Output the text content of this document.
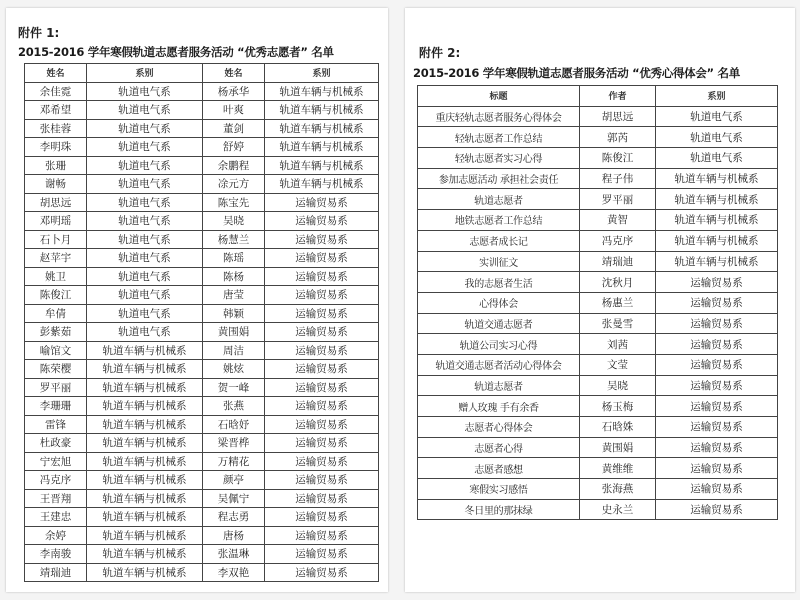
附件 1:
2015-2016 学年寒假轨道志愿者服务活动 “优秀志愿者” 名单
姓名	系别	姓名	系别
余佳霓	轨道电气系	杨承华	轨道车辆与机械系
邓希望	轨道电气系	叶爽	轨道车辆与机械系
张桂蓉	轨道电气系	董剑	轨道车辆与机械系
李明珠	轨道电气系	舒婷	轨道车辆与机械系
张珊	轨道电气系	余鹏程	轨道车辆与机械系
谢畅	轨道电气系	凃元方	轨道车辆与机械系
胡思远	轨道电气系	陈宝先	运输贸易系
邓明瑶	轨道电气系	吴晓	运输贸易系
石卜月	轨道电气系	杨慧兰	运输贸易系
赵苹宇	轨道电气系	陈瑶	运输贸易系
姚卫	轨道电气系	陈杨	运输贸易系
陈俊江	轨道电气系	唐莹	运输贸易系
牟倩	轨道电气系	韩颖	运输贸易系
彭紫茹	轨道电气系	黄围娟	运输贸易系
喻馆文	轨道车辆与机械系	周洁	运输贸易系
陈荣樱	轨道车辆与机械系	姚炫	运输贸易系
罗平丽	轨道车辆与机械系	贺一峰	运输贸易系
李珊珊	轨道车辆与机械系	张燕	运输贸易系
雷锋	轨道车辆与机械系	石晗妤	运输贸易系
杜政豪	轨道车辆与机械系	梁晋桦	运输贸易系
宁宏旭	轨道车辆与机械系	万精花	运输贸易系
冯克序	轨道车辆与机械系	颜亭	运输贸易系
王晋翔	轨道车辆与机械系	吴佩宁	运输贸易系
王建忠	轨道车辆与机械系	程志勇	运输贸易系
余婷	轨道车辆与机械系	唐杨	运输贸易系
李南骏	轨道车辆与机械系	张温琳	运输贸易系
靖瑞迪	轨道车辆与机械系	李双艳	运输贸易系
附件 2:
2015-2016 学年寒假轨道志愿者服务活动 “优秀心得体会” 名单
标题	作者	系别
重庆轻轨志愿者服务心得体会	胡思远	轨道电气系
轻轨志愿者工作总结	郭芮	轨道电气系
轻轨志愿者实习心得	陈俊江	轨道电气系
参加志愿活动 承担社会责任	程子伟	轨道车辆与机械系
轨道志愿者	罗平丽	轨道车辆与机械系
地铁志愿者工作总结	黄智	轨道车辆与机械系
志愿者成长记	冯克序	轨道车辆与机械系
实训征文	靖瑞迪	轨道车辆与机械系
我的志愿者生活	沈秋月	运输贸易系
心得体会	杨惠兰	运输贸易系
轨道交通志愿者	张曼雪	运输贸易系
轨道公司实习心得	刘茜	运输贸易系
轨道交通志愿者活动心得体会	文莹	运输贸易系
轨道志愿者	吴晓	运输贸易系
赠人玫瑰 手有余香	杨玉梅	运输贸易系
志愿者心得体会	石晗姝	运输贸易系
志愿者心得	黄围娟	运输贸易系
志愿者感想	黄维维	运输贸易系
寒假实习感悟	张海燕	运输贸易系
冬日里的那抹绿	史永兰	运输贸易系
